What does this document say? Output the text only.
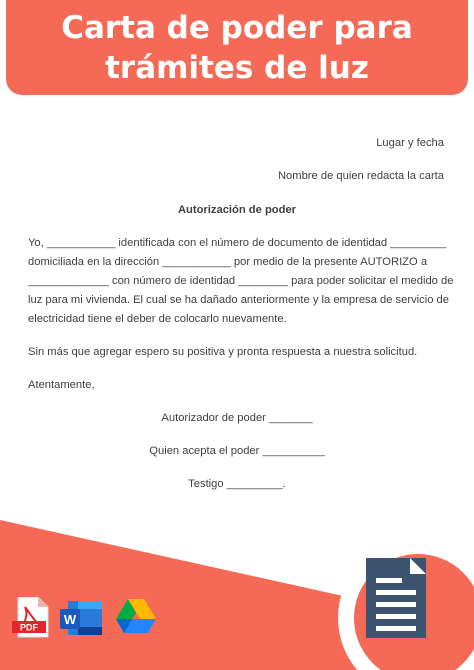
Carta de poder para
trámites de luz
Lugar y fecha
Nombre de quien redacta la carta
Autorización de poder
Yo, ___________ identificada con el número de documento de identidad _________
domiciliada en la dirección ___________ por medio de la presente AUTORIZO a
_____________ con número de identidad ________ para poder solicitar el medido de
luz para mi vivienda. El cual se ha dañado anteriormente y la empresa de servicio de
electricidad tiene el deber de colocarlo nuevamente.
Sin más que agregar espero su positiva y pronta respuesta a nuestra solicitud.
Atentamente,
Autorizador de poder _______
Quien acepta el poder __________
Testigo _________.
PDF
W
